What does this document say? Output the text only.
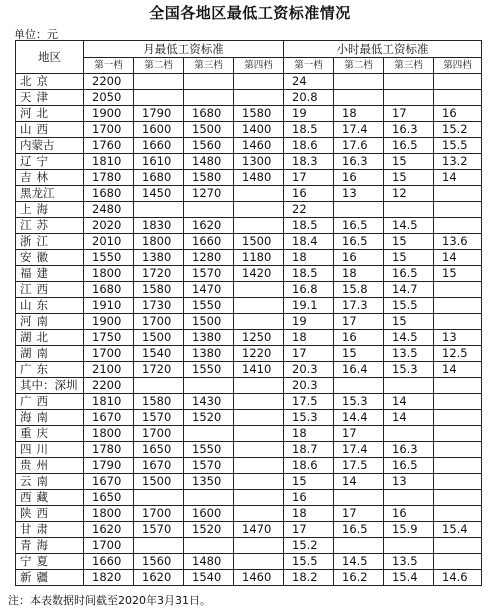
全国各地区最低工资标准情况
单位：元
地区	月最低工资标准				小时最低工资标准			
	第一档	第二档	第三档	第四档	第一档	第二档	第三档	第四档
北京	2200				24			
天津	2050				20.8			
河北	1900	1790	1680	1580	19	18	17	16
山西	1700	1600	1500	1400	18.5	17.4	16.3	15.2
内蒙古	1760	1660	1560	1460	18.6	17.6	16.5	15.5
辽宁	1810	1610	1480	1300	18.3	16.3	15	13.2
吉林	1780	1680	1580	1480	17	16	15	14
黑龙江	1680	1450	1270		16	13	12	
上海	2480				22			
江苏	2020	1830	1620		18.5	16.5	14.5	
浙江	2010	1800	1660	1500	18.4	16.5	15	13.6
安徽	1550	1380	1280	1180	18	16	15	14
福建	1800	1720	1570	1420	18.5	18	16.5	15
江西	1680	1580	1470		16.8	15.8	14.7	
山东	1910	1730	1550		19.1	17.3	15.5	
河南	1900	1700	1500		19	17	15	
湖北	1750	1500	1380	1250	18	16	14.5	13
湖南	1700	1540	1380	1220	17	15	13.5	12.5
广东	2100	1720	1550	1410	20.3	16.4	15.3	14
其中：深圳	2200				20.3			
广西	1810	1580	1430		17.5	15.3	14	
海南	1670	1570	1520		15.3	14.4	14	
重庆	1800	1700			18	17		
四川	1780	1650	1550		18.7	17.4	16.3	
贵州	1790	1670	1570		18.6	17.5	16.5	
云南	1670	1500	1350		15	14	13	
西藏	1650				16			
陕西	1800	1700	1600		18	17	16	
甘肃	1620	1570	1520	1470	17	16.5	15.9	15.4
青海	1700				15.2			
宁夏	1660	1560	1480		15.5	14.5	13.5	
新疆	1820	1620	1540	1460	18.2	16.2	15.4	14.6
注：本表数据时间截至2020年3月31日。
